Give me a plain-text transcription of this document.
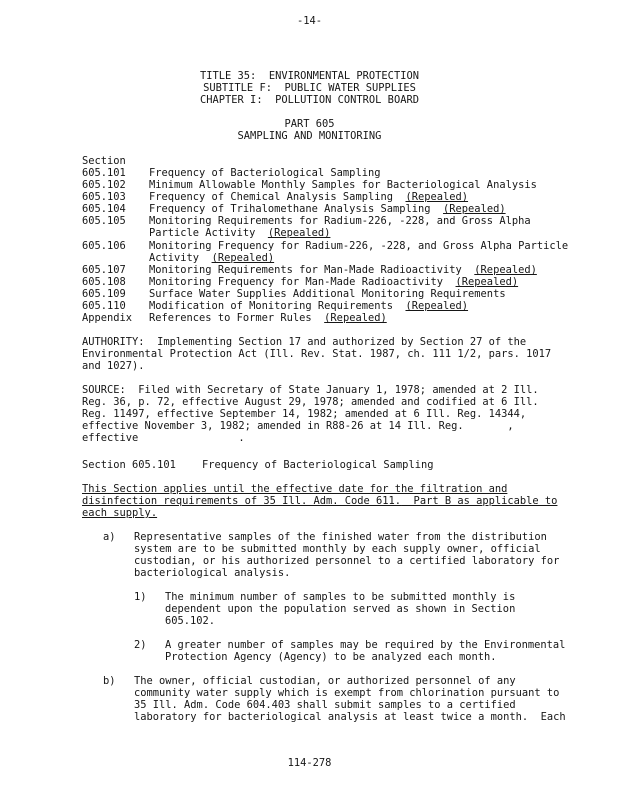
-14-
TITLE 35:  ENVIRONMENTAL PROTECTION
SUBTITLE F:  PUBLIC WATER SUPPLIES
CHAPTER I:  POLLUTION CONTROL BOARD
PART 605
SAMPLING AND MONITORING
Section
605.101 Frequency of Bacteriological Sampling
605.102 Minimum Allowable Monthly Samples for Bacteriological Analysis
605.103 Frequency of Chemical Analysis Sampling  (Repealed)
605.104 Frequency of Trihalomethane Analysis Sampling  (Repealed)
605.105 Monitoring Requirements for Radium-226, -228, and Gross Alpha
Particle Activity  (Repealed)
605.106 Monitoring Frequency for Radium-226, -228, and Gross Alpha Particle
Activity  (Repealed)
605.107 Monitoring Requirements for Man-Made Radioactivity  (Repealed)
605.108 Monitoring Frequency for Man-Made Radioactivity  (Repealed)
605.109 Surface Water Supplies Additional Monitoring Requirements
605.110 Modification of Monitoring Requirements  (Repealed)
Appendix References to Former Rules  (Repealed)
AUTHORITY:  Implementing Section 17 and authorized by Section 27 of the
Environmental Protection Act (Ill. Rev. Stat. 1987, ch. 111 1/2, pars. 1017
and 1027).
SOURCE:  Filed with Secretary of State January 1, 1978; amended at 2 Ill.
Reg. 36, p. 72, effective August 29, 1978; amended and codified at 6 Ill.
Reg. 11497, effective September 14, 1982; amended at 6 Ill. Reg. 14344,
effective November 3, 1982; amended in R88-26 at 14 Ill. Reg.       ,
effective                .
Section 605.101	Frequency of Bacteriological Sampling
This Section applies until the effective date for the filtration and
disinfection requirements of 35 Ill. Adm. Code 611.  Part B as applicable to
each supply.
a) Representative samples of the finished water from the distribution
system are to be submitted monthly by each supply owner, official
custodian, or his authorized personnel to a certified laboratory for
bacteriological analysis.
1) The minimum number of samples to be submitted monthly is
dependent upon the population served as shown in Section
605.102.
2) A greater number of samples may be required by the Environmental
Protection Agency (Agency) to be analyzed each month.
b) The owner, official custodian, or authorized personnel of any
community water supply which is exempt from chlorination pursuant to
35 Ill. Adm. Code 604.403 shall submit samples to a certified
laboratory for bacteriological analysis at least twice a month.  Each
114-278
